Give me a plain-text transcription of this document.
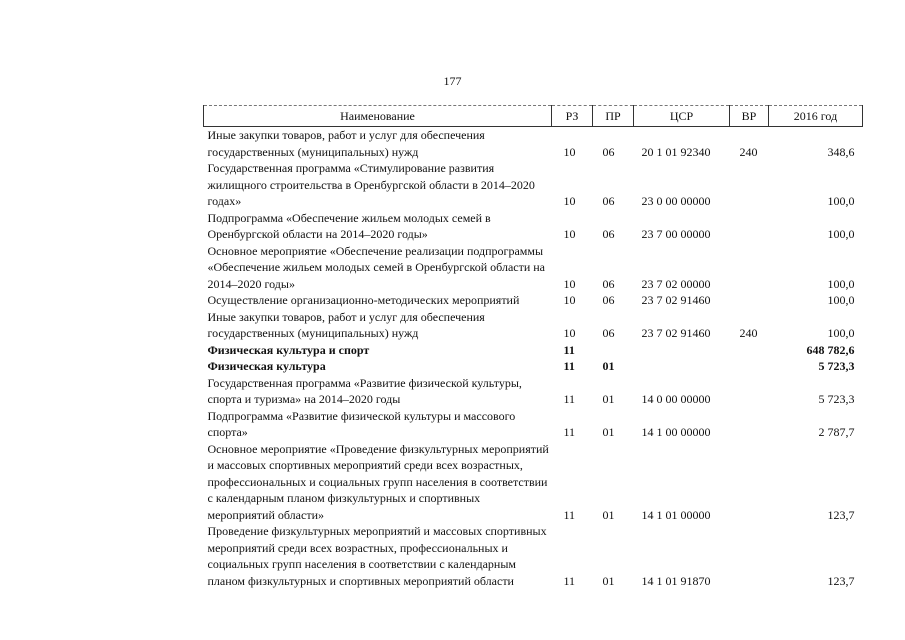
177
Наименование	РЗ	ПР	ЦСР	ВР	2016 год
Иные закупки товаров, работ и услуг для обеспечения государственных (муниципальных) нужд	10	06	20 1 01 92340	240	348,6
Государственная программа «Стимулирование развития жилищного строительства в Оренбургской области в 2014–2020 годах»	10	06	23 0 00 00000		100,0
Подпрограмма «Обеспечение жильем молодых семей в Оренбургской области на 2014–2020 годы»	10	06	23 7 00 00000		100,0
Основное мероприятие «Обеспечение реализации подпрограммы «Обеспечение жильем молодых семей в Оренбургской области на 2014–2020 годы»	10	06	23 7 02 00000		100,0
Осуществление организационно-методических мероприятий	10	06	23 7 02 91460		100,0
Иные закупки товаров, работ и услуг для обеспечения государственных (муниципальных) нужд	10	06	23 7 02 91460	240	100,0
Физическая культура и спорт	11				648 782,6
Физическая культура	11	01			5 723,3
Государственная программа «Развитие физической культуры, спорта и туризма» на 2014–2020 годы	11	01	14 0 00 00000		5 723,3
Подпрограмма «Развитие физической культуры и массового спорта»	11	01	14 1 00 00000		2 787,7
Основное мероприятие «Проведение физкультурных мероприятий и массовых спортивных мероприятий среди всех возрастных, профессиональных и социальных групп населения в соответствии с календарным планом физкультурных и спортивных мероприятий области»	11	01	14 1 01 00000		123,7
Проведение физкультурных мероприятий и массовых спортивных мероприятий среди всех возрастных, профессиональных и социальных групп населения в соответствии с календарным планом физкультурных и спортивных мероприятий области	11	01	14 1 01 91870		123,7
